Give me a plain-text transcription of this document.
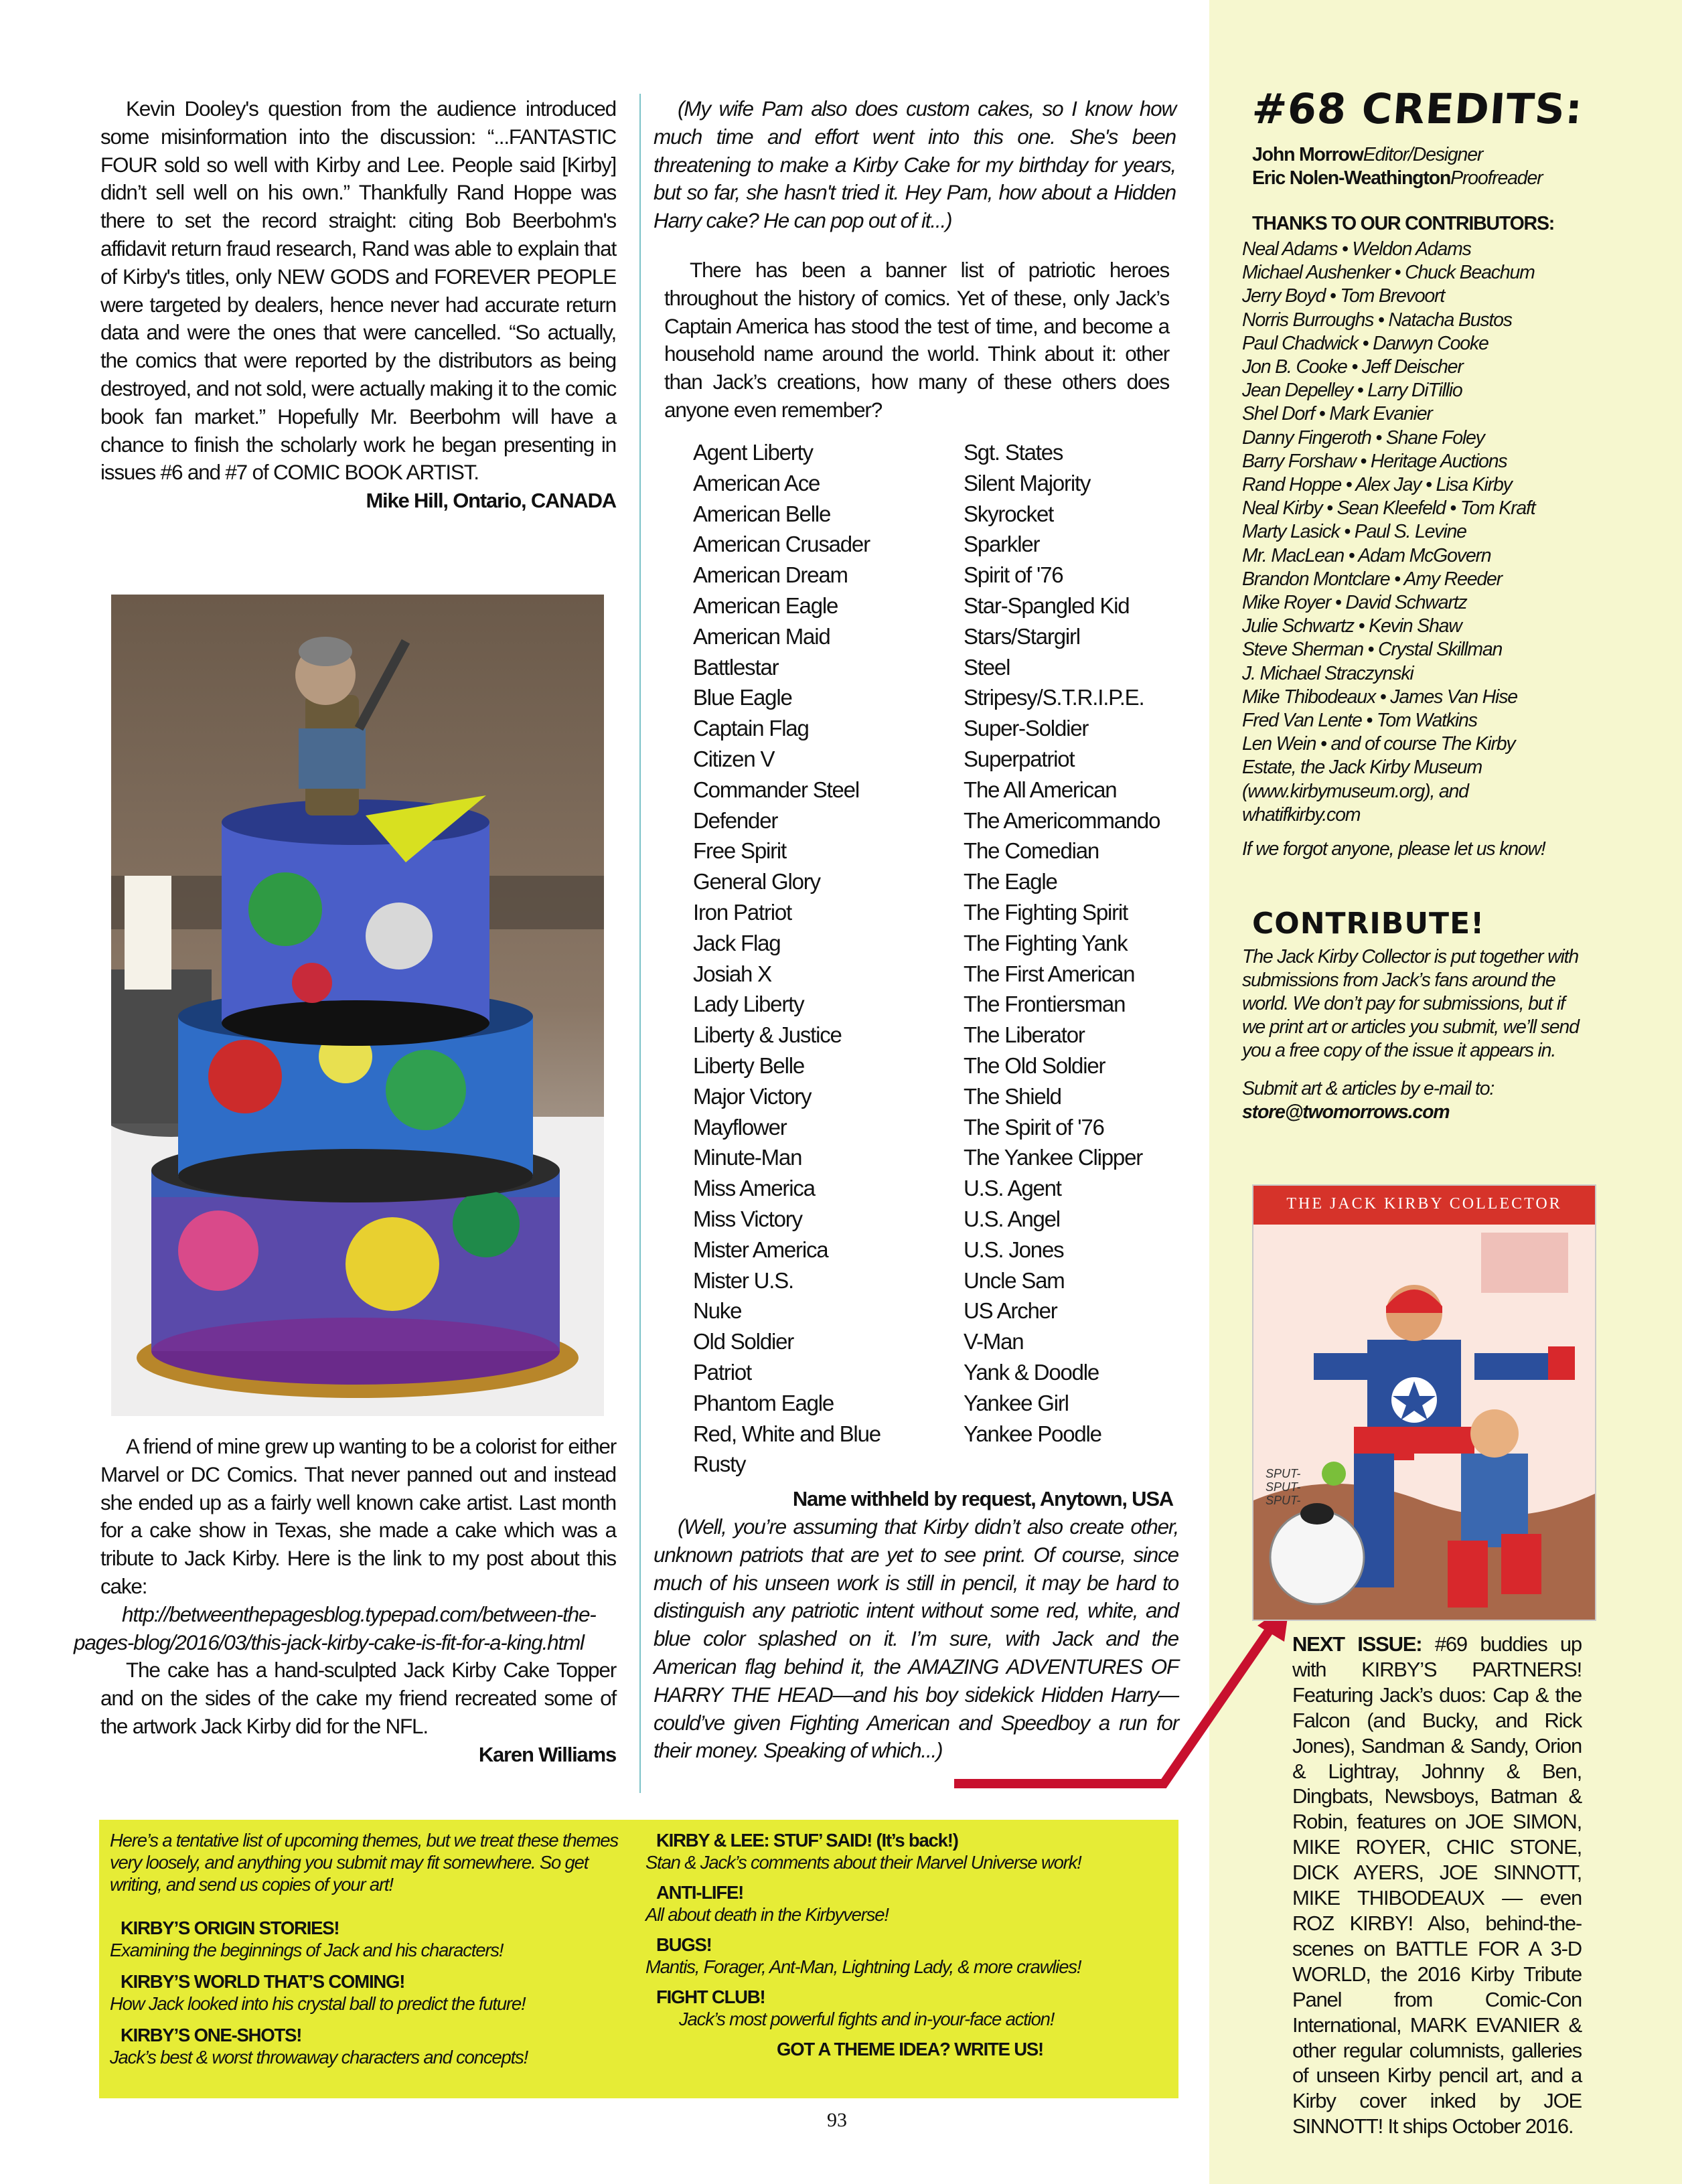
Kevin Dooley's question from the audience introduced some misinformation into the discussion: “...FANTASTIC FOUR sold so well with Kirby and Lee. People said [Kirby] didn’t sell well on his own.” Thankfully Rand Hoppe was there to set the record straight: citing Bob Beerbohm's affidavit return fraud research, Rand was able to explain that of Kirby's titles, only NEW GODS and FOREVER PEOPLE were targeted by dealers, hence never had accurate return data and were the ones that were cancelled. “So actually, the comics that were reported by the distributors as being destroyed, and not sold, were actually making it to the comic book fan market.” Hopefully Mr. Beerbohm will have a chance to finish the scholarly work he began presenting in issues #6 and #7 of COMIC BOOK ARTIST.

Mike Hill, Ontario, CANADA

A friend of mine grew up wanting to be a colorist for either Marvel or DC Comics. That never panned out and instead she ended up as a fairly well known cake artist. Last month for a cake show in Texas, she made a cake which was a tribute to Jack Kirby. Here is the link to my post about this cake:

http://betweenthepagesblog.typepad.com/between-the-pages-blog/2016/03/this-jack-kirby-cake-is-fit-for-a-king.html

The cake has a hand-sculpted Jack Kirby Cake Topper and on the sides of the cake my friend recreated some of the artwork Jack Kirby did for the NFL.

Karen Williams

(My wife Pam also does custom cakes, so I know how much time and effort went into this one. She's been threatening to make a Kirby Cake for my birthday for years, but so far, she hasn't tried it. Hey Pam, how about a Hidden Harry cake? He can pop out of it...)

There has been a banner list of patriotic heroes throughout the history of comics. Yet of these, only Jack’s Captain America has stood the test of time, and become a household name around the world. Think about it: other than Jack’s creations, how many of these others does anyone even remember?

Agent Liberty
American Ace
American Belle
American Crusader
American Dream
American Eagle
American Maid
Battlestar
Blue Eagle
Captain Flag
Citizen V
Commander Steel
Defender
Free Spirit
General Glory
Iron Patriot
Jack Flag
Josiah X
Lady Liberty
Liberty & Justice
Liberty Belle
Major Victory
Mayflower
Minute-Man
Miss America
Miss Victory
Mister America
Mister U.S.
Nuke
Old Soldier
Patriot
Phantom Eagle
Red, White and Blue
Rusty
Sgt. States
Silent Majority
Skyrocket
Sparkler
Spirit of '76
Star-Spangled Kid
Stars/Stargirl
Steel
Stripesy/S.T.R.I.P.E.
Super-Soldier
Superpatriot
The All American
The Americommando
The Comedian
The Eagle
The Fighting Spirit
The Fighting Yank
The First American
The Frontiersman
The Liberator
The Old Soldier
The Shield
The Spirit of '76
The Yankee Clipper
U.S. Agent
U.S. Angel
U.S. Jones
Uncle Sam
US Archer
V-Man
Yank & Doodle
Yankee Girl
Yankee Poodle

Name withheld by request, Anytown, USA

(Well, you’re assuming that Kirby didn’t also create other, unknown patriots that are yet to see print. Of course, since much of his unseen work is still in pencil, it may be hard to distinguish any patriotic intent without some red, white, and blue color splashed on it. I’m sure, with Jack and the American flag behind it, the AMAZING ADVENTURES OF HARRY THE HEAD—and his boy sidekick Hidden Harry—could’ve given Fighting American and Speedboy a run for their money. Speaking of which...)

Here’s a tentative list of upcoming themes, but we treat these themes very loosely, and anything you submit may fit somewhere. So get writing, and send us copies of your art!

KIRBY’S ORIGIN STORIES!

Examining the beginnings of Jack and his characters!

KIRBY’S WORLD THAT’S COMING!

How Jack looked into his crystal ball to predict the future!

KIRBY’S ONE-SHOTS!

Jack’s best & worst throwaway characters and concepts!

KIRBY & LEE: STUF’ SAID! (It’s back!)

Stan & Jack’s comments about their Marvel Universe work!

ANTI-LIFE!

All about death in the Kirbyverse!

BUGS!

Mantis, Forager, Ant-Man, Lightning Lady, & more crawlies!

FIGHT CLUB!

Jack’s most powerful fights and in-your-face action!

GOT A THEME IDEA? WRITE US!

93
#68 CREDITS:
John MorrowEditor/Designer
Eric Nolen-WeathingtonProofreader
THANKS TO OUR CONTRIBUTORS:
Neal Adams • Weldon Adams
Michael Aushenker • Chuck Beachum
Jerry Boyd • Tom Brevoort
Norris Burroughs • Natacha Bustos
Paul Chadwick • Darwyn Cooke
Jon B. Cooke • Jeff Deischer
Jean Depelley • Larry DiTillio
Shel Dorf • Mark Evanier
Danny Fingeroth • Shane Foley
Barry Forshaw • Heritage Auctions
Rand Hoppe • Alex Jay • Lisa Kirby
Neal Kirby • Sean Kleefeld • Tom Kraft
Marty Lasick • Paul S. Levine
Mr. MacLean • Adam McGovern
Brandon Montclare • Amy Reeder
Mike Royer • David Schwartz
Julie Schwartz • Kevin Shaw
Steve Sherman • Crystal Skillman
J. Michael Straczynski
Mike Thibodeaux • James Van Hise
Fred Van Lente • Tom Watkins
Len Wein • and of course The Kirby
Estate, the Jack Kirby Museum
(www.kirbymuseum.org), and
whatifkirby.com

If we forgot anyone, please let us know!

CONTRIBUTE!

The Jack Kirby Collector is put together with submissions from Jack’s fans around the world. We don’t pay for submissions, but if we print art or articles you submit, we’ll send you a free copy of the issue it appears in.

Submit art & articles by e-mail to:

store@twomorrows.com

THE JACK KIRBY COLLECTOR
SPUT- SPUT- SPUT-
NEXT ISSUE: #69 buddies up with KIRBY’S PARTNERS! Featuring Jack’s duos: Cap & the Falcon (and Bucky, and Rick Jones), Sandman & Sandy, Orion & Lightray, Johnny & Ben, Dingbats, Newsboys, Batman & Robin, features on JOE SIMON, MIKE ROYER, CHIC STONE, DICK AYERS, JOE SINNOTT, MIKE THIBODEAUX — even ROZ KIRBY! Also, behind-the-scenes on BATTLE FOR A 3-D WORLD, the 2016 Kirby Tribute Panel from Comic-Con International, MARK EVANIER & other regular columnists, galleries of unseen Kirby pencil art, and a Kirby cover inked by JOE SINNOTT! It ships October 2016.
